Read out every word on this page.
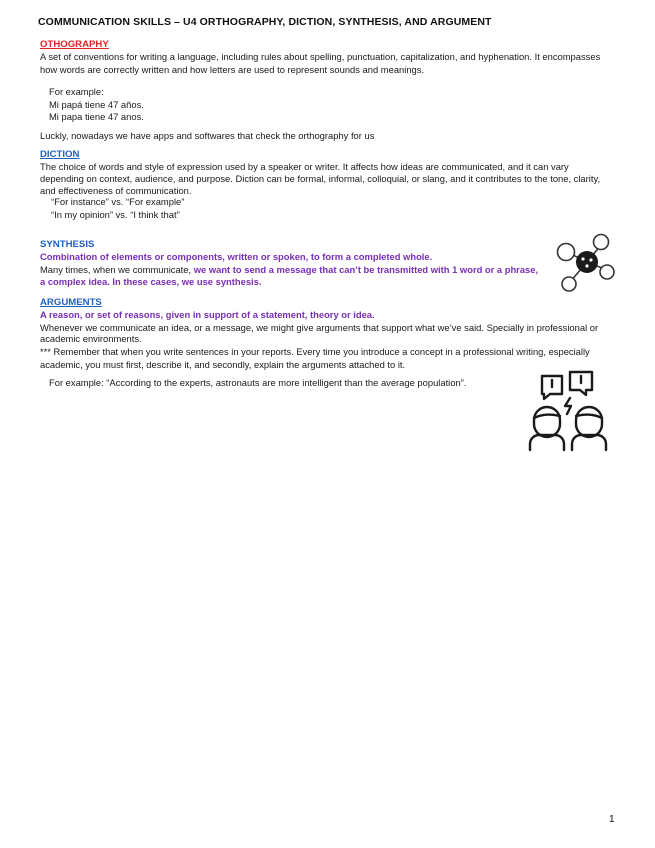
COMMUNICATION SKILLS – U4 ORTHOGRAPHY, DICTION, SYNTHESIS, AND ARGUMENT

OTHOGRAPHY

A set of conventions for writing a language, including rules about spelling, punctuation, capitalization, and hyphenation. It encompasses how words are correctly written and how letters are used to represent sounds and meanings.

For example:

Mi papá tiene 47 años.

Mi papa tiene 47 anos.

Luckly, nowadays we have apps and softwares that check the orthography for us

DICTION

The choice of words and style of expression used by a speaker or writer. It affects how ideas are communicated, and it can vary depending on context, audience, and purpose. Diction can be formal, informal, colloquial, or slang, and it contributes to the tone, clarity, and effectiveness of communication.

“For instance” vs. “For example”

“In my opinion” vs. “I think that”

SYNTHESIS

Combination of elements or components, written or spoken, to form a completed whole.

Many times, when we communicate, we want to send a message that can’t be transmitted with 1 word or a phrase, a complex idea. In these cases, we use synthesis.

ARGUMENTS

A reason, or set of reasons, given in support of a statement, theory or idea.

Whenever we communicate an idea, or a message, we might give arguments that support what we’ve said. Specially in professional or academic environments.

*** Remember that when you write sentences in your reports. Every time you introduce a concept in a professional writing, especially academic, you must first, describe it, and secondly, explain the arguments attached to it.

For example: “According to the experts, astronauts are more intelligent than the average population”.

1
